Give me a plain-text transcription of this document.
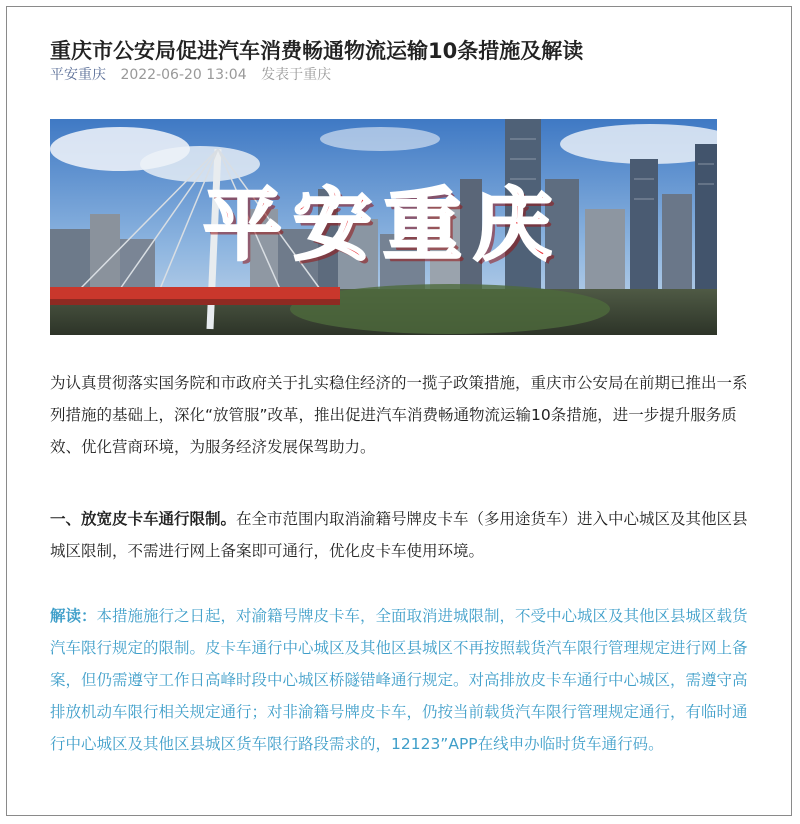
重庆市公安局促进汽车消费畅通物流运输10条措施及解读
平安重庆 2022-06-20 13:04 发表于重庆
平安重庆

为认真贯彻落实国务院和市政府关于扎实稳住经济的一揽子政策措施，重庆市公安局在前期已推出一系列措施的基础上，深化“放管服”改革，推出促进汽车消费畅通物流运输10条措施，进一步提升服务质效、优化营商环境，为服务经济发展保驾助力。

一、放宽皮卡车通行限制。在全市范围内取消渝籍号牌皮卡车（多用途货车）进入中心城区及其他区县城区限制，不需进行网上备案即可通行，优化皮卡车使用环境。

解读：本措施施行之日起，对渝籍号牌皮卡车，全面取消进城限制，不受中心城区及其他区县城区载货汽车限行规定的限制。皮卡车通行中心城区及其他区县城区不再按照载货汽车限行管理规定进行网上备案，但仍需遵守工作日高峰时段中心城区桥隧错峰通行规定。对高排放皮卡车通行中心城区，需遵守高排放机动车限行相关规定通行；对非渝籍号牌皮卡车，仍按当前载货汽车限行管理规定通行，有临时通行中心城区及其他区县城区货车限行路段需求的，12123”APP在线申办临时货车通行码。
